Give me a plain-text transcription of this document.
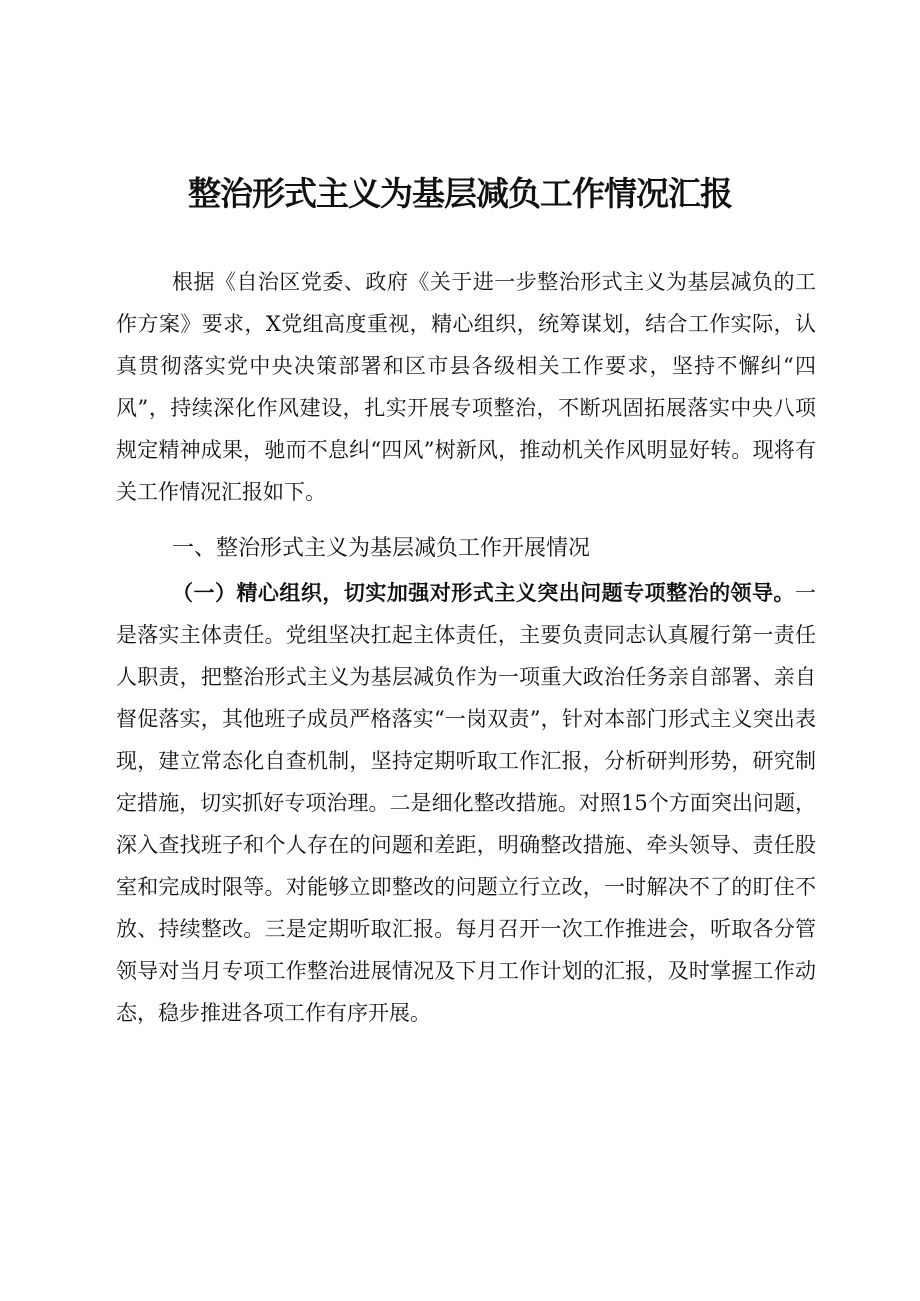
整治形式主义为基层减负工作情况汇报
根据《自治区党委、政府《关于进一步整治形式主义为基层减负的工作方案》要求，X党组高度重视，精心组织，统筹谋划，结合工作实际，认真贯彻落实党中央决策部署和区市县各级相关工作要求，坚持不懈纠“四风”，持续深化作风建设，扎实开展专项整治，不断巩固拓展落实中央八项规定精神成果，驰而不息纠“四风”树新风，推动机关作风明显好转。现将有关工作情况汇报如下。
一、整治形式主义为基层减负工作开展情况
（一）精心组织，切实加强对形式主义突出问题专项整治的领导。一是落实主体责任。党组坚决扛起主体责任，主要负责同志认真履行第一责任人职责，把整治形式主义为基层减负作为一项重大政治任务亲自部署、亲自督促落实，其他班子成员严格落实“一岗双责”，针对本部门形式主义突出表现，建立常态化自查机制，坚持定期听取工作汇报，分析研判形势，研究制定措施，切实抓好专项治理。二是细化整改措施。对照15个方面突出问题，深入查找班子和个人存在的问题和差距，明确整改措施、牵头领导、责任股室和完成时限等。对能够立即整改的问题立行立改，一时解决不了的盯住不放、持续整改。三是定期听取汇报。每月召开一次工作推进会，听取各分管领导对当月专项工作整治进展情况及下月工作计划的汇报，及时掌握工作动态，稳步推进各项工作有序开展。
